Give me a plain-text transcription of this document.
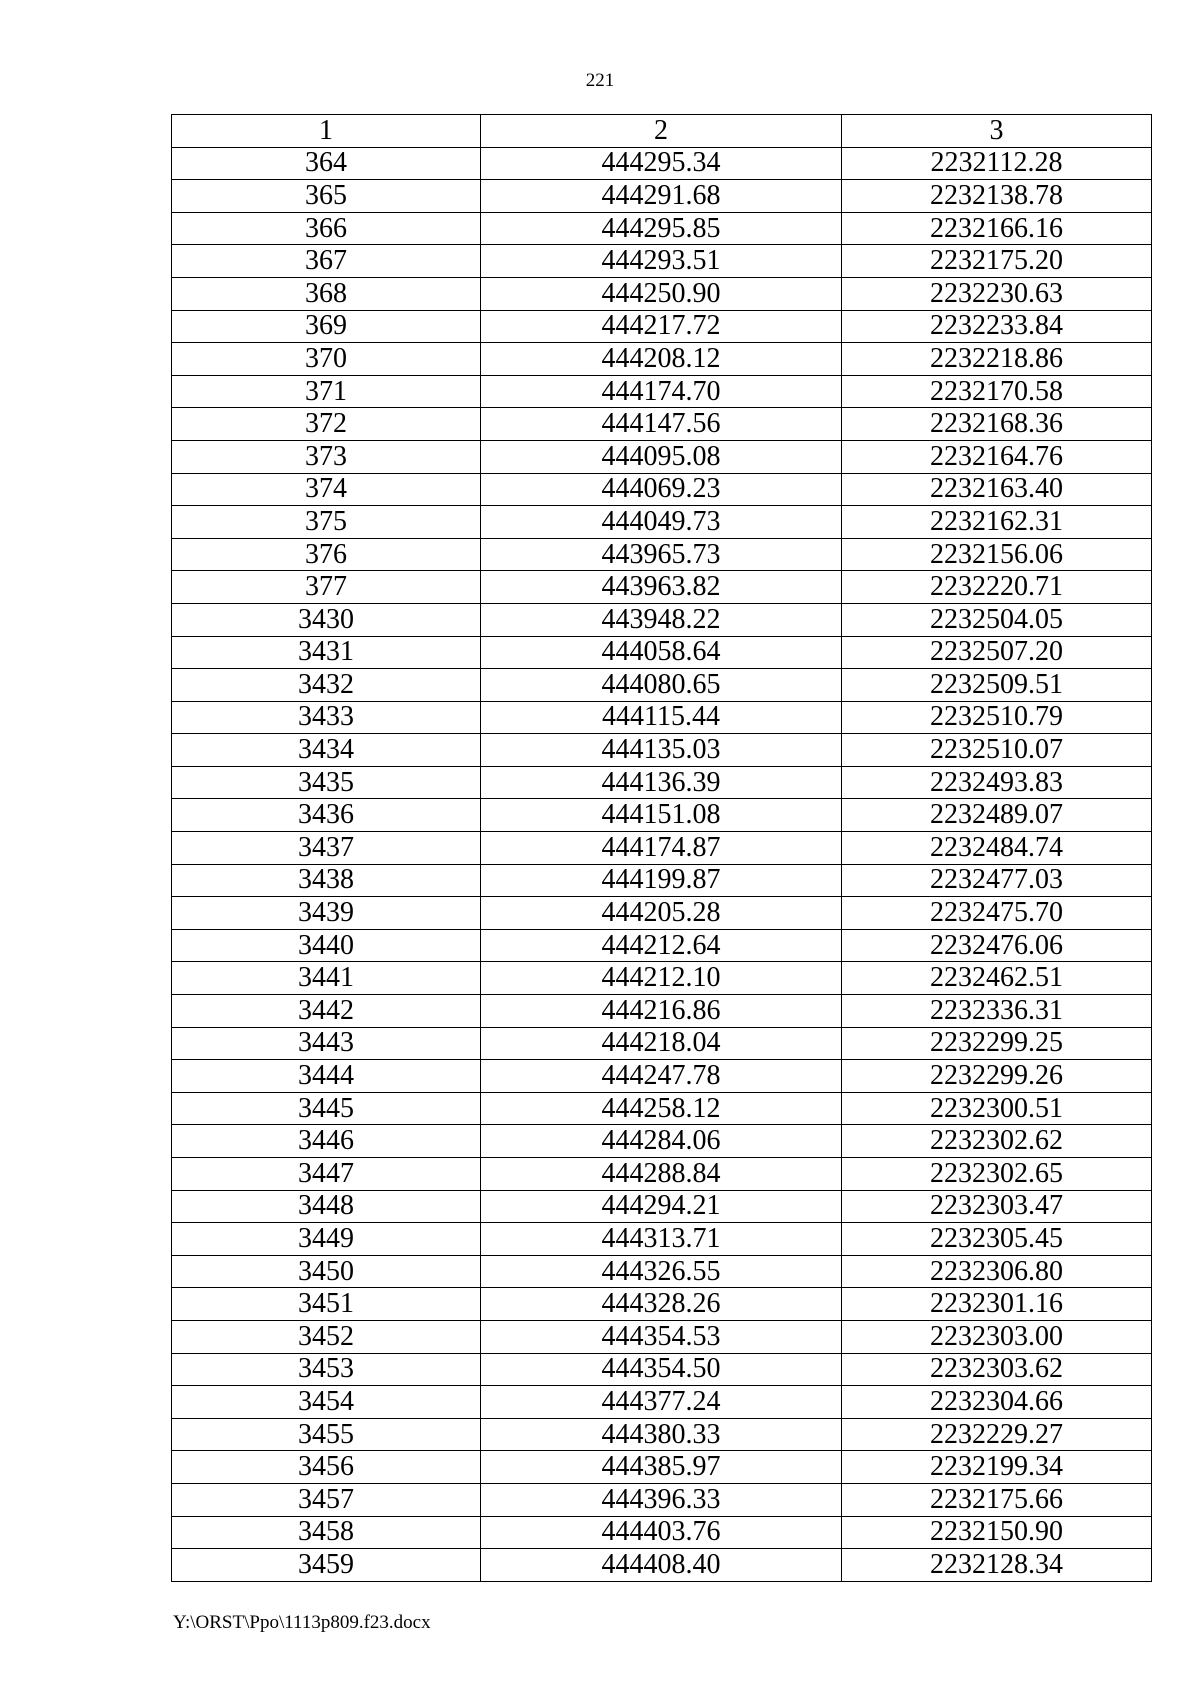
221
1	2	3
364	444295.34	2232112.28
365	444291.68	2232138.78
366	444295.85	2232166.16
367	444293.51	2232175.20
368	444250.90	2232230.63
369	444217.72	2232233.84
370	444208.12	2232218.86
371	444174.70	2232170.58
372	444147.56	2232168.36
373	444095.08	2232164.76
374	444069.23	2232163.40
375	444049.73	2232162.31
376	443965.73	2232156.06
377	443963.82	2232220.71
3430	443948.22	2232504.05
3431	444058.64	2232507.20
3432	444080.65	2232509.51
3433	444115.44	2232510.79
3434	444135.03	2232510.07
3435	444136.39	2232493.83
3436	444151.08	2232489.07
3437	444174.87	2232484.74
3438	444199.87	2232477.03
3439	444205.28	2232475.70
3440	444212.64	2232476.06
3441	444212.10	2232462.51
3442	444216.86	2232336.31
3443	444218.04	2232299.25
3444	444247.78	2232299.26
3445	444258.12	2232300.51
3446	444284.06	2232302.62
3447	444288.84	2232302.65
3448	444294.21	2232303.47
3449	444313.71	2232305.45
3450	444326.55	2232306.80
3451	444328.26	2232301.16
3452	444354.53	2232303.00
3453	444354.50	2232303.62
3454	444377.24	2232304.66
3455	444380.33	2232229.27
3456	444385.97	2232199.34
3457	444396.33	2232175.66
3458	444403.76	2232150.90
3459	444408.40	2232128.34
Y:\ORST\Ppo\1113p809.f23.docx
